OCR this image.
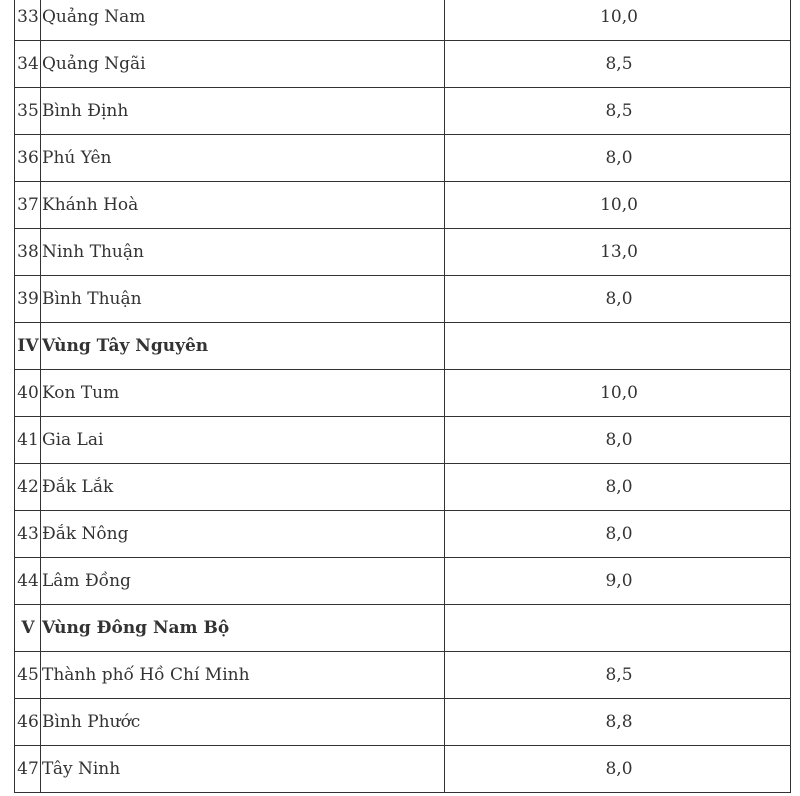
33	Quảng Nam	10,0
34	Quảng Ngãi	8,5
35	Bình Định	8,5
36	Phú Yên	8,0
37	Khánh Hoà	10,0
38	Ninh Thuận	13,0
39	Bình Thuận	8,0
IV	Vùng Tây Nguyên	
40	Kon Tum	10,0
41	Gia Lai	8,0
42	Đắk Lắk	8,0
43	Đắk Nông	8,0
44	Lâm Đồng	9,0
V	Vùng Đông Nam Bộ	
45	Thành phố Hồ Chí Minh	8,5
46	Bình Phước	8,8
47	Tây Ninh	8,0
